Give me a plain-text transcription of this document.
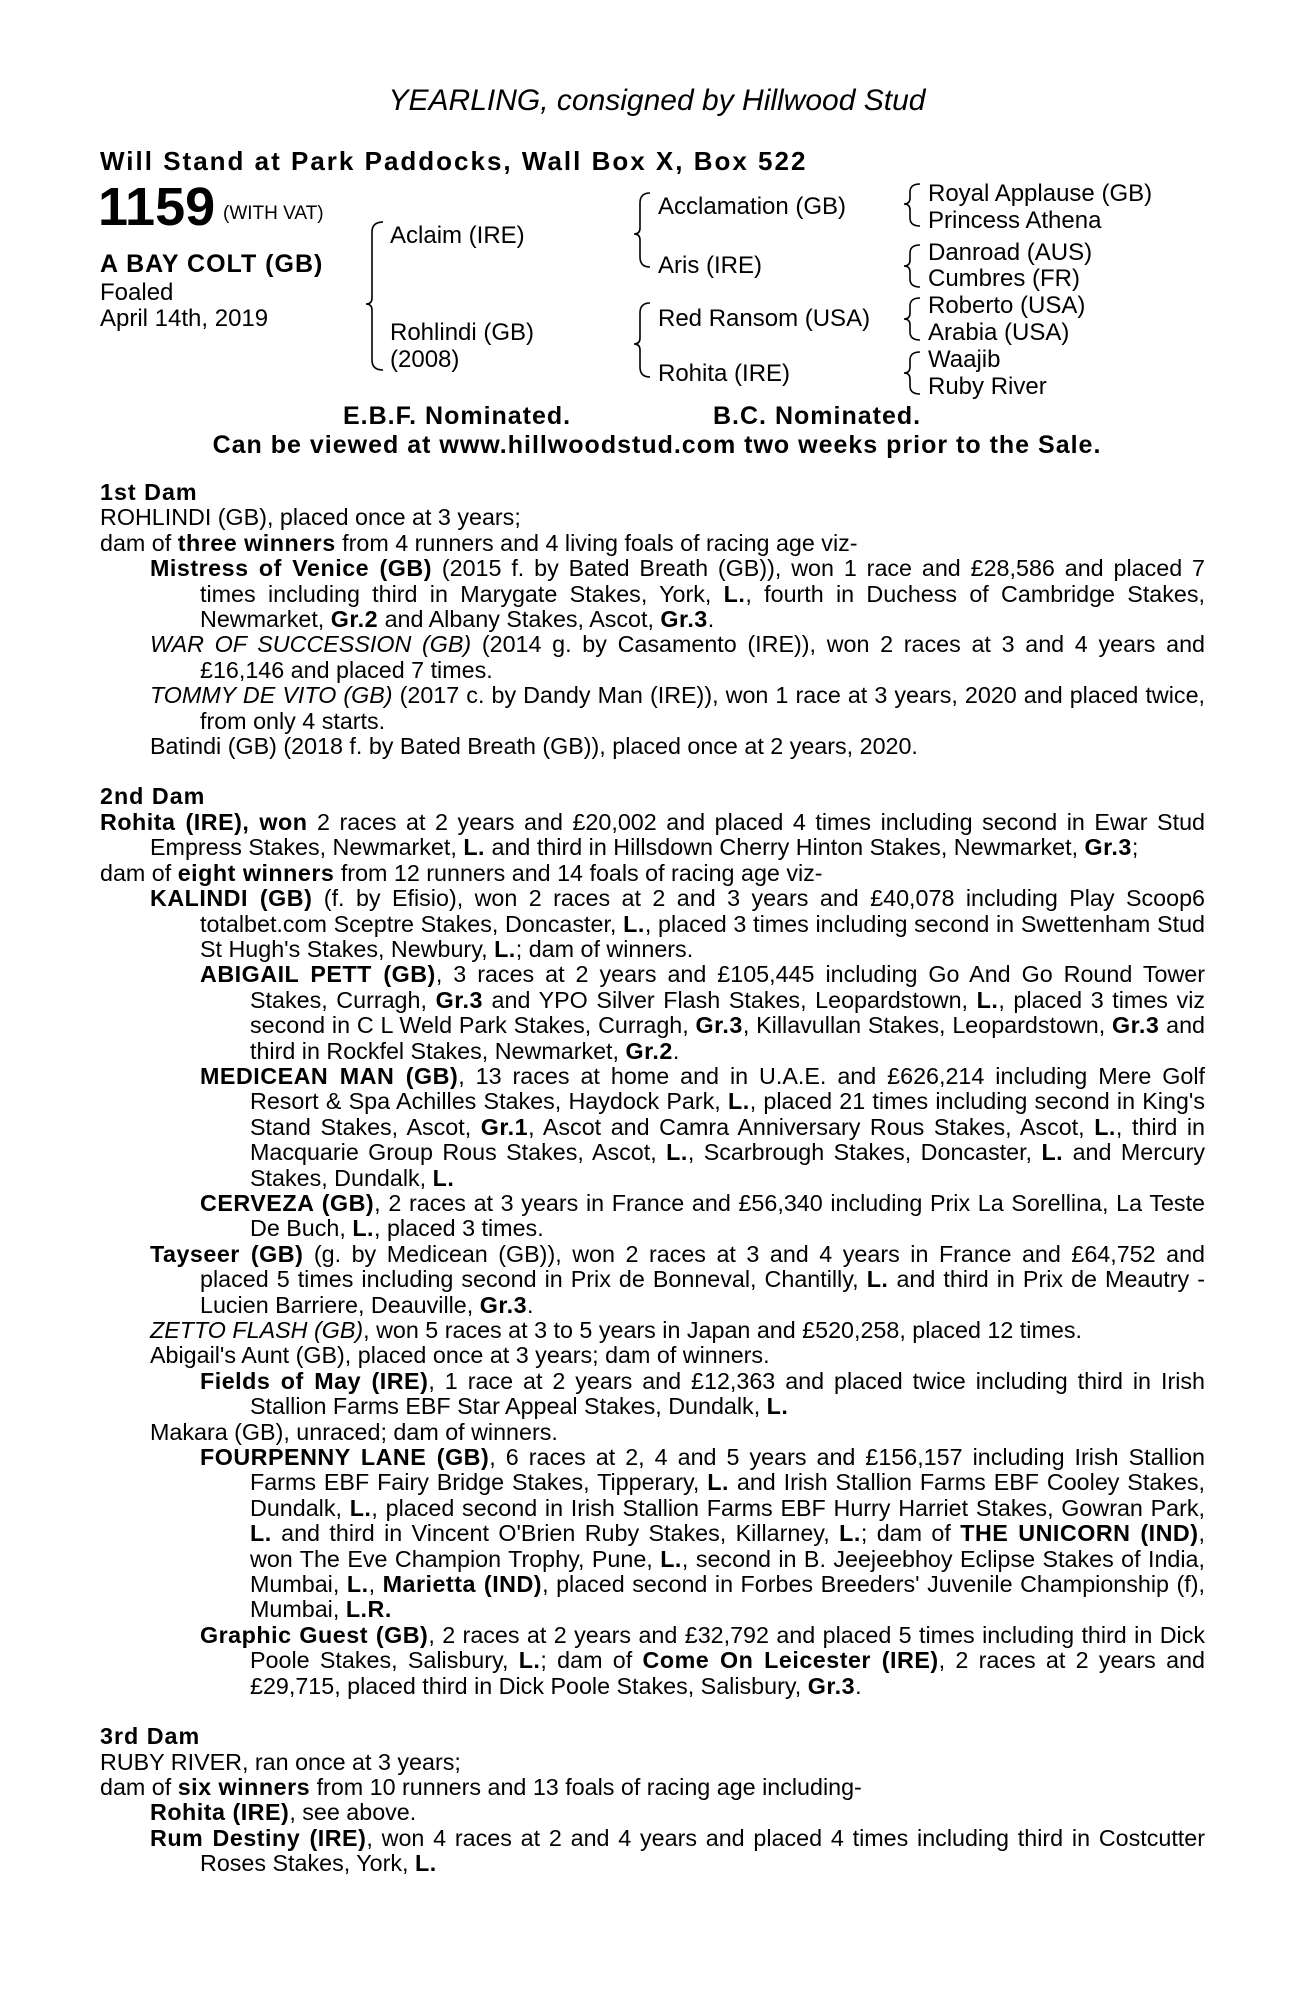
YEARLING, consigned by Hillwood Stud
Will Stand at Park Paddocks, Wall Box X, Box 522
1159 (WITH VAT)
A BAY COLT (GB)
Foaled
April 14th, 2019
Aclaim (IRE)
Rohlindi (GB)
(2008)
Acclamation (GB)
Aris (IRE)
Red Ransom (USA)
Rohita (IRE)
Royal Applause (GB)
Princess Athena
Danroad (AUS)
Cumbres (FR)
Roberto (USA)
Arabia (USA)
Waajib
Ruby River
E.B.F. Nominated.	B.C. Nominated.
Can be viewed at www.hillwoodstud.com two weeks prior to the Sale.
1st Dam
ROHLINDI (GB), placed once at 3 years;
dam of three winners from 4 runners and 4 living foals of racing age viz-
Mistress of Venice (GB) (2015 f. by Bated Breath (GB)), won 1 race and £28,586 and placed 7 times including third in Marygate Stakes, York, L., fourth in Duchess of Cambridge Stakes, Newmarket, Gr.2 and Albany Stakes, Ascot, Gr.3.
WAR OF SUCCESSION (GB) (2014 g. by Casamento (IRE)), won 2 races at 3 and 4 years and £16,146 and placed 7 times.
TOMMY DE VITO (GB) (2017 c. by Dandy Man (IRE)), won 1 race at 3 years, 2020 and placed twice, from only 4 starts.
Batindi (GB) (2018 f. by Bated Breath (GB)), placed once at 2 years, 2020.
2nd Dam
Rohita (IRE), won 2 races at 2 years and £20,002 and placed 4 times including second in Ewar Stud Empress Stakes, Newmarket, L. and third in Hillsdown Cherry Hinton Stakes, Newmarket, Gr.3;
dam of eight winners from 12 runners and 14 foals of racing age viz-
KALINDI (GB) (f. by Efisio), won 2 races at 2 and 3 years and £40,078 including Play Scoop6 totalbet.com Sceptre Stakes, Doncaster, L., placed 3 times including second in Swettenham Stud St Hugh's Stakes, Newbury, L.; dam of winners.
ABIGAIL PETT (GB), 3 races at 2 years and £105,445 including Go And Go Round Tower Stakes, Curragh, Gr.3 and YPO Silver Flash Stakes, Leopardstown, L., placed 3 times viz second in C L Weld Park Stakes, Curragh, Gr.3, Killavullan Stakes, Leopardstown, Gr.3 and third in Rockfel Stakes, Newmarket, Gr.2.
MEDICEAN MAN (GB), 13 races at home and in U.A.E. and £626,214 including Mere Golf Resort & Spa Achilles Stakes, Haydock Park, L., placed 21 times including second in King's Stand Stakes, Ascot, Gr.1, Ascot and Camra Anniversary Rous Stakes, Ascot, L., third in Macquarie Group Rous Stakes, Ascot, L., Scarbrough Stakes, Doncaster, L. and Mercury Stakes, Dundalk, L.
CERVEZA (GB), 2 races at 3 years in France and £56,340 including Prix La Sorellina, La Teste De Buch, L., placed 3 times.
Tayseer (GB) (g. by Medicean (GB)), won 2 races at 3 and 4 years in France and £64,752 and placed 5 times including second in Prix de Bonneval, Chantilly, L. and third in Prix de Meautry - Lucien Barriere, Deauville, Gr.3.
ZETTO FLASH (GB), won 5 races at 3 to 5 years in Japan and £520,258, placed 12 times.
Abigail's Aunt (GB), placed once at 3 years; dam of winners.
Fields of May (IRE), 1 race at 2 years and £12,363 and placed twice including third in Irish Stallion Farms EBF Star Appeal Stakes, Dundalk, L.
Makara (GB), unraced; dam of winners.
FOURPENNY LANE (GB), 6 races at 2, 4 and 5 years and £156,157 including Irish Stallion Farms EBF Fairy Bridge Stakes, Tipperary, L. and Irish Stallion Farms EBF Cooley Stakes, Dundalk, L., placed second in Irish Stallion Farms EBF Hurry Harriet Stakes, Gowran Park, L. and third in Vincent O'Brien Ruby Stakes, Killarney, L.; dam of THE UNICORN (IND), won The Eve Champion Trophy, Pune, L., second in B. Jeejeebhoy Eclipse Stakes of India, Mumbai, L., Marietta (IND), placed second in Forbes Breeders' Juvenile Championship (f), Mumbai, L.R.
Graphic Guest (GB), 2 races at 2 years and £32,792 and placed 5 times including third in Dick Poole Stakes, Salisbury, L.; dam of Come On Leicester (IRE), 2 races at 2 years and £29,715, placed third in Dick Poole Stakes, Salisbury, Gr.3.
3rd Dam
RUBY RIVER, ran once at 3 years;
dam of six winners from 10 runners and 13 foals of racing age including-
Rohita (IRE), see above.
Rum Destiny (IRE), won 4 races at 2 and 4 years and placed 4 times including third in Costcutter Roses Stakes, York, L.
